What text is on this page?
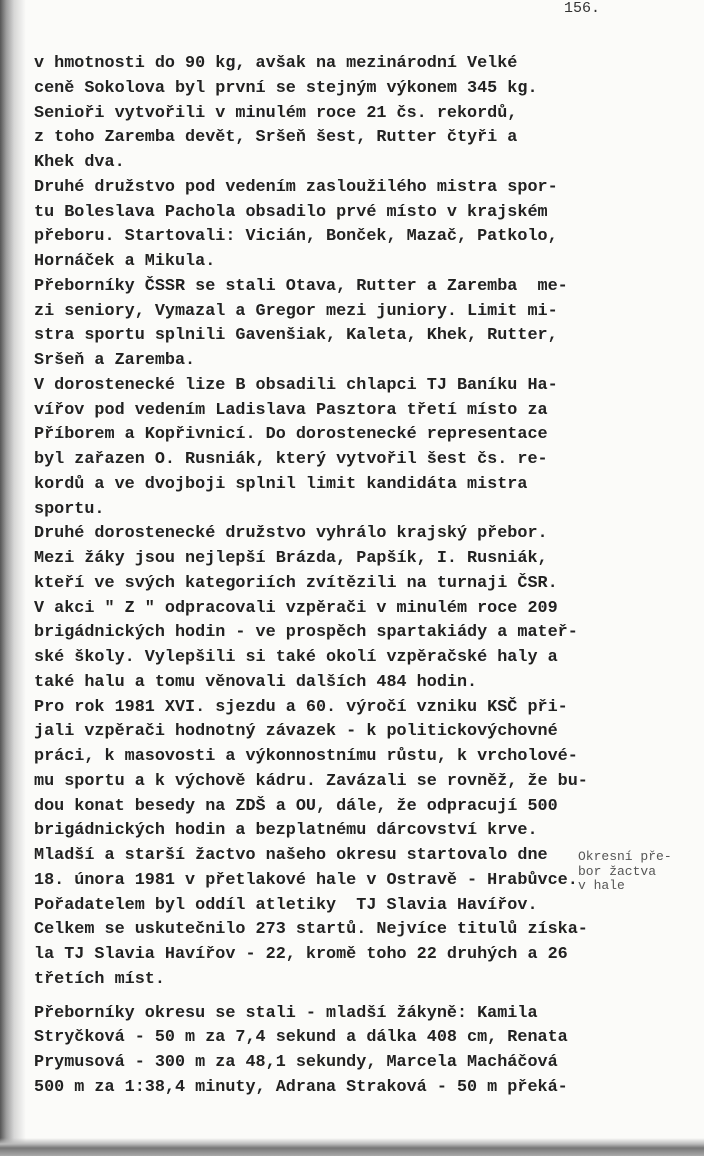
156.
v hmotnosti do 90 kg, avšak na mezinárodní Velké
ceně Sokolova byl první se stejným výkonem 345 kg.
Senioři vytvořili v minulém roce 21 čs. rekordů,
z toho Zaremba devět, Sršeň šest, Rutter čtyři a
Khek dva.
Druhé družstvo pod vedením zasloužilého mistra spor-
tu Boleslava Pachola obsadilo prvé místo v krajském
přeboru. Startovali: Vicián, Bonček, Mazač, Patkolo,
Hornáček a Mikula.
Přeborníky ČSSR se stali Otava, Rutter a Zaremba  me-
zi seniory, Vymazal a Gregor mezi juniory. Limit mi-
stra sportu splnili Gavenšiak, Kaleta, Khek, Rutter,
Sršeň a Zaremba.
V dorostenecké lize B obsadili chlapci TJ Baníku Ha-
vířov pod vedením Ladislava Pasztora třetí místo za
Příborem a Kopřivnicí. Do dorostenecké representace
byl zařazen O. Rusniák, který vytvořil šest čs. re-
kordů a ve dvojboji splnil limit kandidáta mistra
sportu.
Druhé dorostenecké družstvo vyhrálo krajský přebor.
Mezi žáky jsou nejlepší Brázda, Papšík, I. Rusniák,
kteří ve svých kategoriích zvítězili na turnaji ČSR.
V akci " Z " odpracovali vzpěrači v minulém roce 209
brigádnických hodin - ve prospěch spartakiády a mateř-
ské školy. Vylepšili si také okolí vzpěračské haly a
také halu a tomu věnovali dalších 484 hodin.
Pro rok 1981 XVI. sjezdu a 60. výročí vzniku KSČ při-
jali vzpěrači hodnotný závazek - k politickovýchovné
práci, k masovosti a výkonnostnímu růstu, k vrcholové-
mu sportu a k výchově kádru. Zavázali se rovněž, že bu-
dou konat besedy na ZDŠ a OU, dále, že odpracují 500
brigádnických hodin a bezplatnému dárcovství krve.
Mladší a starší žactvo našeho okresu startovalo dne
18. února 1981 v přetlakové hale v Ostravě - Hrabůvce.
Pořadatelem byl oddíl atletiky  TJ Slavia Havířov.
Celkem se uskutečnilo 273 startů. Nejvíce titulů získa-
la TJ Slavia Havířov - 22, kromě toho 22 druhých a 26
třetích míst.
Přeborníky okresu se stali - mladší žákyně: Kamila
Stryčková - 50 m za 7,4 sekund a dálka 408 cm, Renata
Prymusová - 300 m za 48,1 sekundy, Marcela Macháčová
500 m za 1:38,4 minuty, Adrana Straková - 50 m překá-
Okresní pře-
bor žactva
v hale
